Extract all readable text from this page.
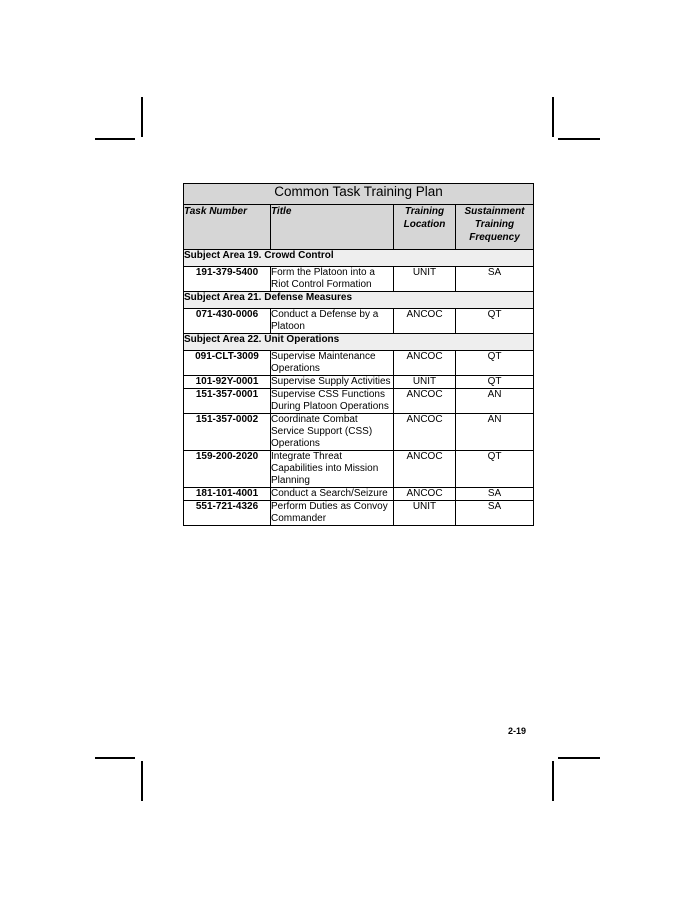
Common Task Training Plan			
Task Number	Title	Training Location	Sustainment Training Frequency
Subject Area 19. Crowd Control			
191-379-5400	Form the Platoon into a Riot Control Formation	UNIT	SA
Subject Area 21. Defense Measures			
071-430-0006	Conduct a Defense by a Platoon	ANCOC	QT
Subject Area 22. Unit Operations			
091-CLT-3009	Supervise Maintenance Operations	ANCOC	QT
101-92Y-0001	Supervise Supply Activities	UNIT	QT
151-357-0001	Supervise CSS Functions During Platoon Operations	ANCOC	AN
151-357-0002	Coordinate Combat Service Support (CSS) Operations	ANCOC	AN
159-200-2020	Integrate Threat Capabilities into Mission Planning	ANCOC	QT
181-101-4001	Conduct a Search/Seizure	ANCOC	SA
551-721-4326	Perform Duties as Convoy Commander	UNIT	SA
2-19
